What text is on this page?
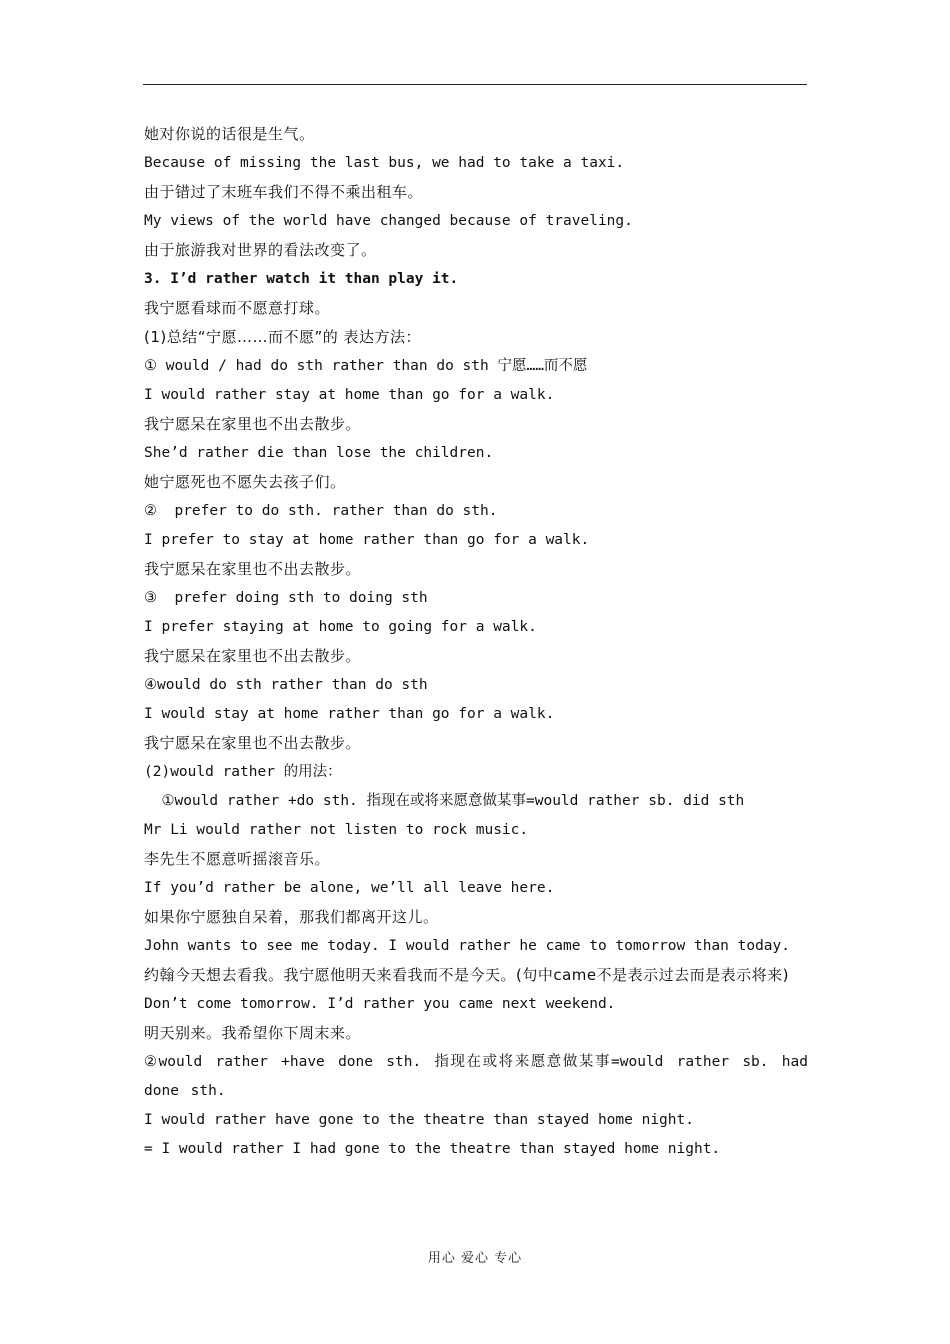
她对你说的话很是生气。

Because of missing the last bus, we had to take a taxi.

由于错过了末班车我们不得不乘出租车。

My views of the world have changed because of traveling.

由于旅游我对世界的看法改变了。

3. I’d rather watch it than play it.

我宁愿看球而不愿意打球。

(1)总结“宁愿……而不愿”的 表达方法：

① would / had do sth rather than do sth 宁愿……而不愿

I would rather stay at home than go for a walk.

我宁愿呆在家里也不出去散步。

She’d rather die than lose the children.

她宁愿死也不愿失去孩子们。

②  prefer to do sth. rather than do sth.

I prefer to stay at home rather than go for a walk.

我宁愿呆在家里也不出去散步。

③  prefer doing sth to doing sth

I prefer staying at home to going for a walk.

我宁愿呆在家里也不出去散步。

④would do sth rather than do sth

I would stay at home rather than go for a walk.

我宁愿呆在家里也不出去散步。

(2)would rather 的用法：

①would rather +do sth. 指现在或将来愿意做某事=would rather sb. did sth

Mr Li would rather not listen to rock music.

李先生不愿意听摇滚音乐。

If you’d rather be alone, we’ll all leave here.

如果你宁愿独自呆着，那我们都离开这儿。

John wants to see me today. I would rather he came to tomorrow than today.

约翰今天想去看我。我宁愿他明天来看我而不是今天。(句中came不是表示过去而是表示将来)

Don’t come tomorrow. I’d rather you came next weekend.

明天别来。我希望你下周末来。

②would rather +have done sth. 指现在或将来愿意做某事=would rather sb. had done sth.

I would rather have gone to the theatre than stayed home night.

= I would rather I had gone to the theatre than stayed home night.

用心 爱心 专心
